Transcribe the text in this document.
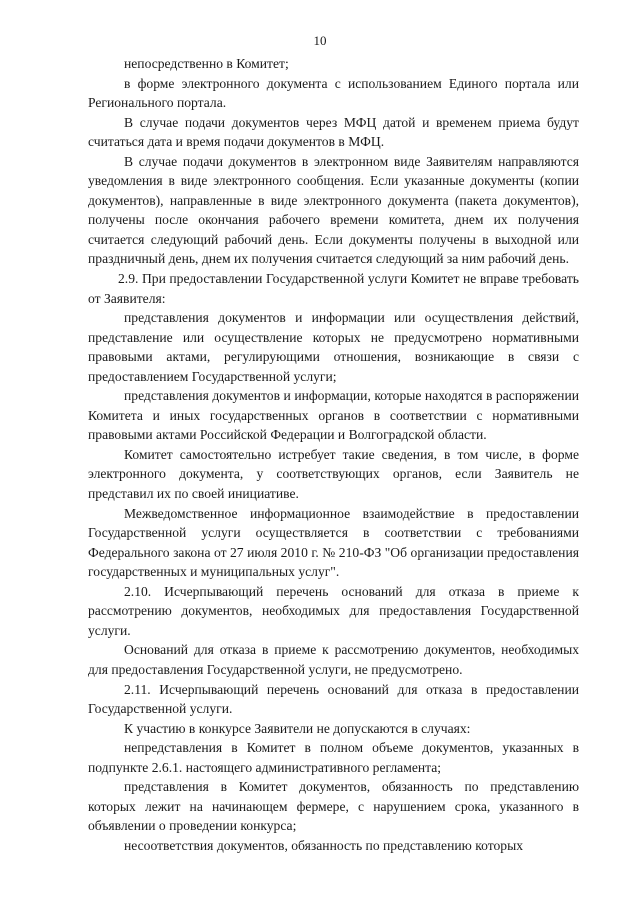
10

непосредственно в Комитет;

в форме электронного документа с использованием Единого портала или Регионального портала.

В случае подачи документов через МФЦ датой и временем приема будут считаться дата и время подачи документов в МФЦ.

В случае подачи документов в электронном виде Заявителям направляются уведомления в виде электронного сообщения. Если указанные документы (копии документов), направленные в виде электронного документа (пакета документов), получены после окончания рабочего времени комитета, днем их получения считается следующий рабочий день. Если документы получены в выходной или праздничный день, днем их получения считается следующий за ним рабочий день.

2.9. При предоставлении Государственной услуги Комитет не вправе требовать от Заявителя:

представления документов и информации или осуществления действий, представление или осуществление которых не предусмотрено нормативными правовыми актами, регулирующими отношения, возникающие в связи с предоставлением Государственной услуги;

представления документов и информации, которые находятся в распоряжении Комитета и иных государственных органов в соответствии с нормативными правовыми актами Российской Федерации и Волгоградской области.

Комитет самостоятельно истребует такие сведения, в том числе, в форме электронного документа, у соответствующих органов, если Заявитель не представил их по своей инициативе.

Межведомственное информационное взаимодействие в предоставлении Государственной услуги осуществляется в соответствии с требованиями Федерального закона от 27 июля 2010 г. № 210-ФЗ "Об организации предоставления государственных и муниципальных услуг".

2.10. Исчерпывающий перечень оснований для отказа в приеме к рассмотрению документов, необходимых для предоставления Государственной услуги.

Оснований для отказа в приеме к рассмотрению документов, необходимых для предоставления Государственной услуги, не предусмотрено.

2.11. Исчерпывающий перечень оснований для отказа в предоставлении Государственной услуги.

К участию в конкурсе Заявители не допускаются в случаях:

непредставления в Комитет в полном объеме документов, указанных в подпункте 2.6.1. настоящего административного регламента;

представления в Комитет документов, обязанность по представлению которых лежит на начинающем фермере, с нарушением срока, указанного в объявлении о проведении конкурса;

несоответствия документов, обязанность по представлению которых
